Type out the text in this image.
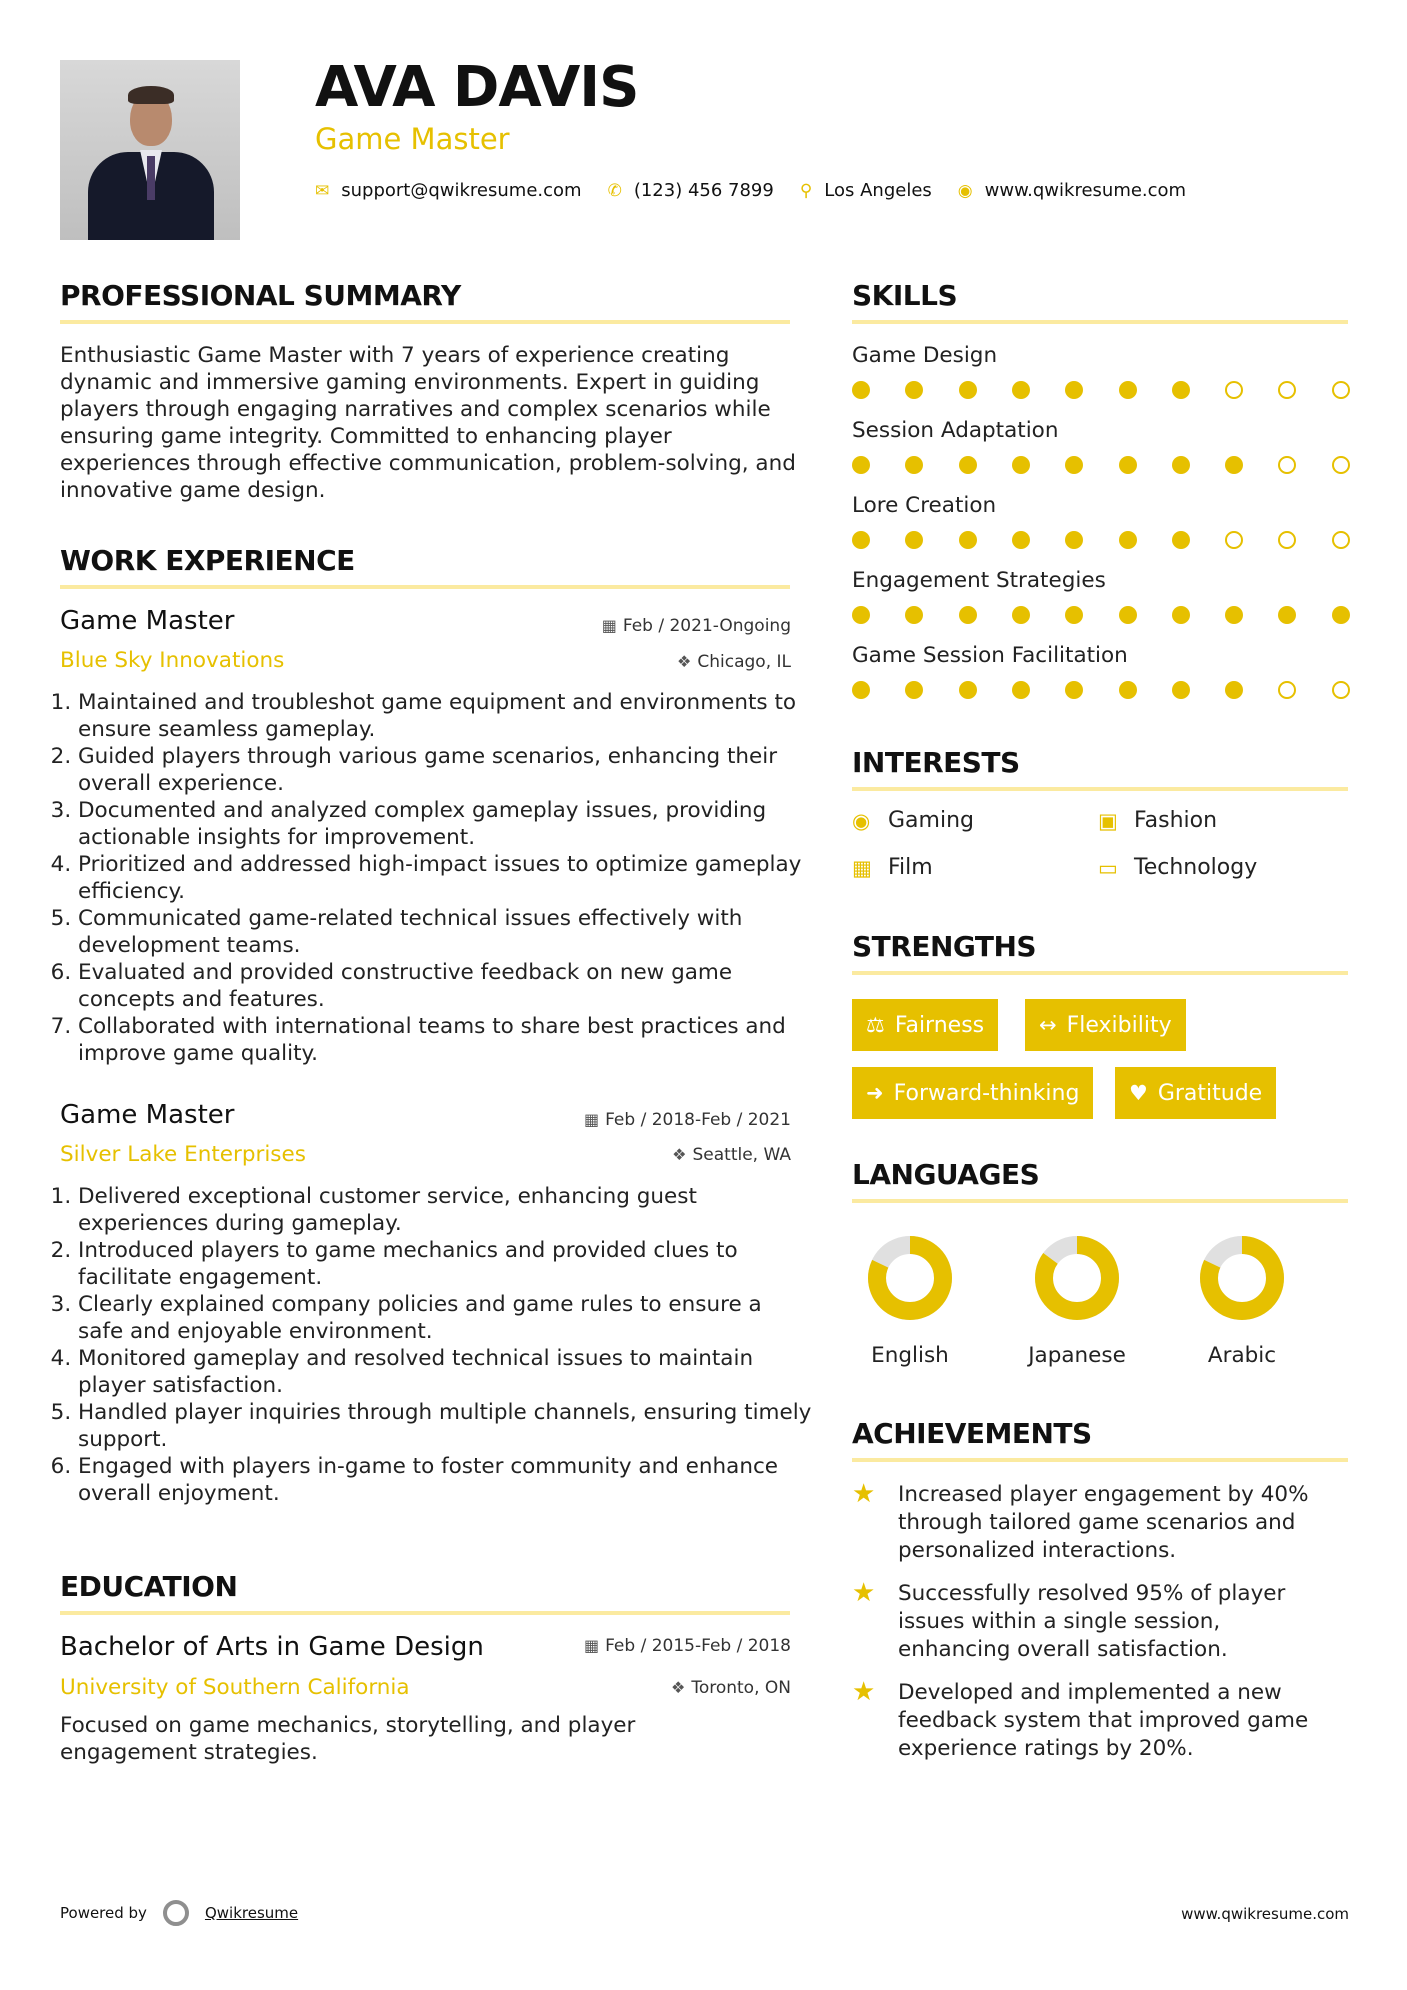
AVA DAVIS
Game Master
✉ support@qwikresume.com ✆ (123) 456 7899 ⚲ Los Angeles ◉ www.qwikresume.com
PROFESSIONAL SUMMARY
Enthusiastic Game Master with 7 years of experience creating dynamic and immersive gaming environments. Expert in guiding players through engaging narratives and complex scenarios while ensuring game integrity. Committed to enhancing player experiences through effective communication, problem-solving, and innovative game design.
WORK EXPERIENCE
Game Master
Blue Sky Innovations
▦ Feb / 2021-Ongoing
❖ Chicago, IL
1. Maintained and troubleshot game equipment and environments to ensure seamless gameplay.
2. Guided players through various game scenarios, enhancing their overall experience.
3. Documented and analyzed complex gameplay issues, providing actionable insights for improvement.
4. Prioritized and addressed high-impact issues to optimize gameplay efficiency.
5. Communicated game-related technical issues effectively with development teams.
6. Evaluated and provided constructive feedback on new game concepts and features.
7. Collaborated with international teams to share best practices and improve game quality.
Game Master
Silver Lake Enterprises
▦ Feb / 2018-Feb / 2021
❖ Seattle, WA
1. Delivered exceptional customer service, enhancing guest experiences during gameplay.
2. Introduced players to game mechanics and provided clues to facilitate engagement.
3. Clearly explained company policies and game rules to ensure a safe and enjoyable environment.
4. Monitored gameplay and resolved technical issues to maintain player satisfaction.
5. Handled player inquiries through multiple channels, ensuring timely support.
6. Engaged with players in-game to foster community and enhance overall enjoyment.
EDUCATION
Bachelor of Arts in Game Design
University of Southern California
▦ Feb / 2015-Feb / 2018
❖ Toronto, ON
Focused on game mechanics, storytelling, and player engagement strategies.
SKILLS
Game Design
Session Adaptation
Lore Creation
Engagement Strategies
Game Session Facilitation
INTERESTS
◉ Gaming	▣ Fashion
▦ Film	▭ Technology
STRENGTHS
⚖ Fairness	↔ Flexibility
➜ Forward-thinking ♥ Gratitude
LANGUAGES
English	Japanese	Arabic
ACHIEVEMENTS
★	Increased player engagement by 40% through tailored game scenarios and personalized interactions.
★	Successfully resolved 95% of player issues within a single session, enhancing overall satisfaction.
★	Developed and implemented a new feedback system that improved game experience ratings by 20%.
Powered by	Qwikresume	www.qwikresume.com
